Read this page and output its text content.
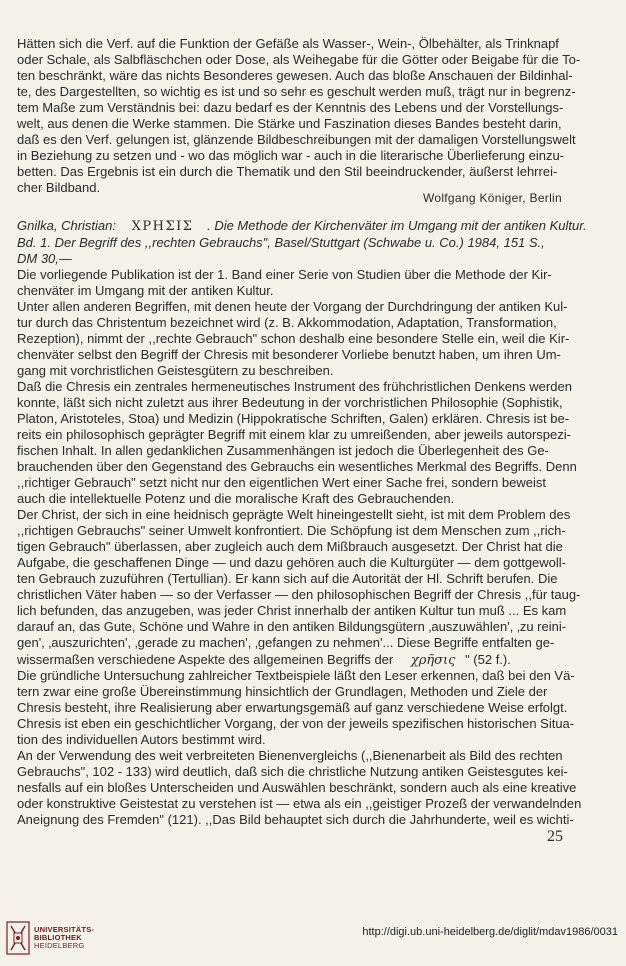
Hätten sich die Verf. auf die Funktion der Gefäße als Wasser-, Wein-, Ölbehälter, als Trinknapf
oder Schale, als Salbfläschchen oder Dose, als Weihegabe für die Götter oder Beigabe für die To-
ten beschränkt, wäre das nichts Besonderes gewesen. Auch das bloße Anschauen der Bildinhal-
te, des Dargestellten, so wichtig es ist und so sehr es geschult werden muß, trägt nur in begrenz-
tem Maße zum Verständnis bei: dazu bedarf es der Kenntnis des Lebens und der Vorstellungs-
welt, aus denen die Werke stammen. Die Stärke und Faszination dieses Bandes besteht darin,
daß es den Verf. gelungen ist, glänzende Bildbeschreibungen mit der damaligen Vorstellungswelt
in Beziehung zu setzen und - wo das möglich war - auch in die literarische Überlieferung einzu-
betten. Das Ergebnis ist ein durch die Thematik und den Stil beeindruckender, äußerst lehrrei-
cher Bildband.
Wolfgang Königer, Berlin
Gnilka, Christian: ΧΡΗΣΙΣ . Die Methode der Kirchenväter im Umgang mit der antiken Kultur.
Bd. 1. Der Begriff des ,,rechten Gebrauchs", Basel/Stuttgart (Schwabe u. Co.) 1984, 151 S.,
DM 30,—
Die vorliegende Publikation ist der 1. Band einer Serie von Studien über die Methode der Kir-
chenväter im Umgang mit der antiken Kultur.
Unter allen anderen Begriffen, mit denen heute der Vorgang der Durchdringung der antiken Kul-
tur durch das Christentum bezeichnet wird (z. B. Akkommodation, Adaptation, Transformation,
Rezeption), nimmt der ,,rechte Gebrauch" schon deshalb eine besondere Stelle ein, weil die Kir-
chenväter selbst den Begriff der Chresis mit besonderer Vorliebe benutzt haben, um ihren Um-
gang mit vorchristlichen Geistesgütern zu beschreiben.
Daß die Chresis ein zentrales hermeneutisches Instrument des frühchristlichen Denkens werden
konnte, läßt sich nicht zuletzt aus ihrer Bedeutung in der vorchristlichen Philosophie (Sophistik,
Platon, Aristoteles, Stoa) und Medizin (Hippokratische Schriften, Galen) erklären. Chresis ist be-
reits ein philosophisch geprägter Begriff mit einem klar zu umreißenden, aber jeweils autorspezi-
fischen Inhalt. In allen gedanklichen Zusammenhängen ist jedoch die Überlegenheit des Ge-
brauchenden über den Gegenstand des Gebrauchs ein wesentliches Merkmal des Begriffs. Denn
,,richtiger Gebrauch" setzt nicht nur den eigentlichen Wert einer Sache frei, sondern beweist
auch die intellektuelle Potenz und die moralische Kraft des Gebrauchenden.
Der Christ, der sich in eine heidnisch geprägte Welt hineingestellt sieht, ist mit dem Problem des
,,richtigen Gebrauchs" seiner Umwelt konfrontiert. Die Schöpfung ist dem Menschen zum ,,rich-
tigen Gebrauch" überlassen, aber zugleich auch dem Mißbrauch ausgesetzt. Der Christ hat die
Aufgabe, die geschaffenen Dinge — und dazu gehören auch die Kulturgüter — dem gottgewoll-
ten Gebrauch zuzuführen (Tertullian). Er kann sich auf die Autorität der Hl. Schrift berufen. Die
christlichen Väter haben — so der Verfasser — den philosophischen Begriff der Chresis ,,für taug-
lich befunden, das anzugeben, was jeder Christ innerhalb der antiken Kultur tun muß ... Es kam
darauf an, das Gute, Schöne und Wahre in den antiken Bildungsgütern ‚auszuwählen', ‚zu reini-
gen', ‚auszurichten', ‚gerade zu machen', ‚gefangen zu nehmen'... Diese Begriffe entfalten ge-
wissermaßen verschiedene Aspekte des allgemeinen Begriffs der χρῆσις " (52 f.).
Die gründliche Untersuchung zahlreicher Textbeispiele läßt den Leser erkennen, daß bei den Vä-
tern zwar eine große Übereinstimmung hinsichtlich der Grundlagen, Methoden und Ziele der
Chresis besteht, ihre Realisierung aber erwartungsgemäß auf ganz verschiedene Weise erfolgt.
Chresis ist eben ein geschichtlicher Vorgang, der von der jeweils spezifischen historischen Situa-
tion des individuellen Autors bestimmt wird.
An der Verwendung des weit verbreiteten Bienenvergleichs (,,Bienenarbeit als Bild des rechten
Gebrauchs", 102 - 133) wird deutlich, daß sich die christliche Nutzung antiken Geistesgutes kei-
nesfalls auf ein bloßes Unterscheiden und Auswählen beschränkt, sondern auch als eine kreative
oder konstruktive Geistestat zu verstehen ist — etwa als ein ,,geistiger Prozeß der verwandelnden
Aneignung des Fremden" (121). ,,Das Bild behauptet sich durch die Jahrhunderte, weil es wichti-
25
UNIVERSITÄTS-
BIBLIOTHEK
HEIDELBERG
http://digi.ub.uni-heidelberg.de/diglit/mdav1986/0031
